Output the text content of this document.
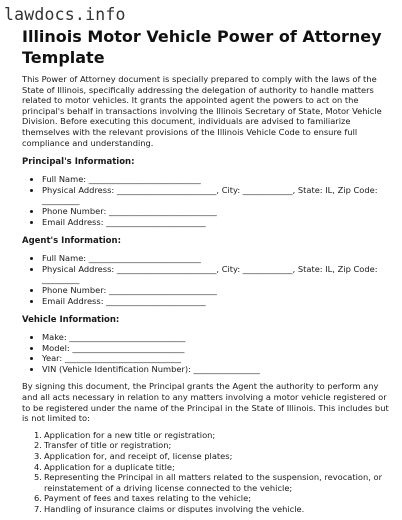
lawdocs.info
Illinois Motor Vehicle Power of Attorney Template

This Power of Attorney document is specially prepared to comply with the laws of the State of Illinois, specifically addressing the delegation of authority to handle matters related to motor vehicles. It grants the appointed agent the powers to act on the principal's behalf in transactions involving the Illinois Secretary of State, Motor Vehicle Division. Before executing this document, individuals are advised to familiarize themselves with the relevant provisions of the Illinois Vehicle Code to ensure full compliance and understanding.

Principal's Information:
• Full Name: ___________________________
• Physical Address: ________________________, City: ____________, State: IL, Zip Code:
_________
• Phone Number: __________________________
• Email Address: ________________________
Agent's Information:
• Full Name: ___________________________
• Physical Address: ________________________, City: ____________, State: IL, Zip Code:
_________
• Phone Number: __________________________
• Email Address: ________________________
Vehicle Information:
• Make: ____________________________
• Model: ___________________________
• Year: ____________________________
• VIN (Vehicle Identification Number): ________________

By signing this document, the Principal grants the Agent the authority to perform any and all acts necessary in relation to any matters involving a motor vehicle registered or to be registered under the name of the Principal in the State of Illinois. This includes but is not limited to:

1. Application for a new title or registration;
2. Transfer of title or registration;
3. Application for, and receipt of, license plates;
4. Application for a duplicate title;
5. Representing the Principal in all matters related to the suspension, revocation, or reinstatement of a driving license connected to the vehicle;
6. Payment of fees and taxes relating to the vehicle;
7. Handling of insurance claims or disputes involving the vehicle.
